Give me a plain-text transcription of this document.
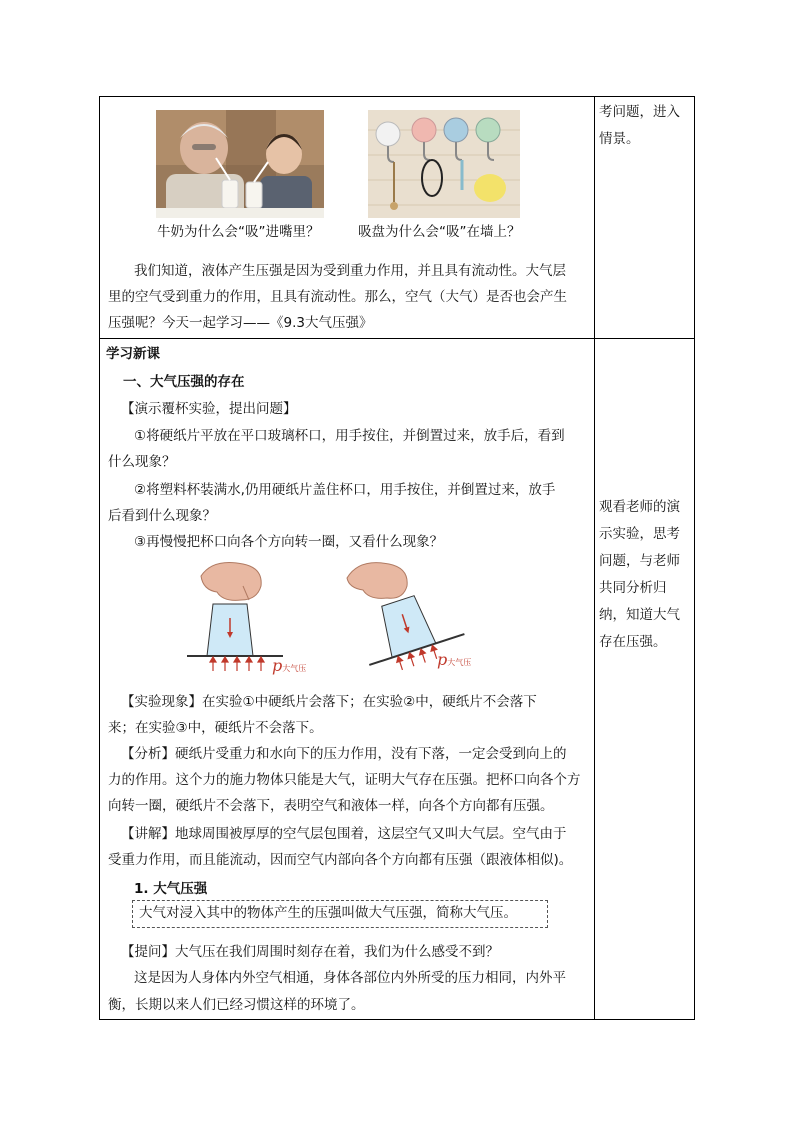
牛奶为什么会“吸”进嘴里？	吸盘为什么会“吸”在墙上？
我们知道，液体产生压强是因为受到重力作用，并且具有流动性。大气层
里的空气受到重力的作用，且具有流动性。那么，空气（大气）是否也会产生
压强呢？今天一起学习——《9.3大气压强》
考问题，进入
情景。
学习新课
一、大气压强的存在
【演示覆杯实验，提出问题】
①将硬纸片平放在平口玻璃杯口，用手按住，并倒置过来，放手后，看到
什么现象？
②将塑料杯装满水,仍用硬纸片盖住杯口，用手按住，并倒置过来，放手
后看到什么现象？
③再慢慢把杯口向各个方向转一圈，又看什么现象？
p大气压	p大气压
【实验现象】在实验①中硬纸片会落下；在实验②中，硬纸片不会落下
来；在实验③中，硬纸片不会落下。
【分析】硬纸片受重力和水向下的压力作用，没有下落，一定会受到向上的
力的作用。这个力的施力物体只能是大气，证明大气存在压强。把杯口向各个方
向转一圈，硬纸片不会落下，表明空气和液体一样，向各个方向都有压强。
【讲解】地球周围被厚厚的空气层包围着，这层空气又叫大气层。空气由于
受重力作用，而且能流动，因而空气内部向各个方向都有压强（跟液体相似)。
1. 大气压强
大气对浸入其中的物体产生的压强叫做大气压强，简称大气压。
【提问】大气压在我们周围时刻存在着，我们为什么感受不到？
这是因为人身体内外空气相通，身体各部位内外所受的压力相同，内外平
衡，长期以来人们已经习惯这样的环境了。
观看老师的演
示实验，思考
问题，与老师
共同分析归
纳，知道大气
存在压强。
